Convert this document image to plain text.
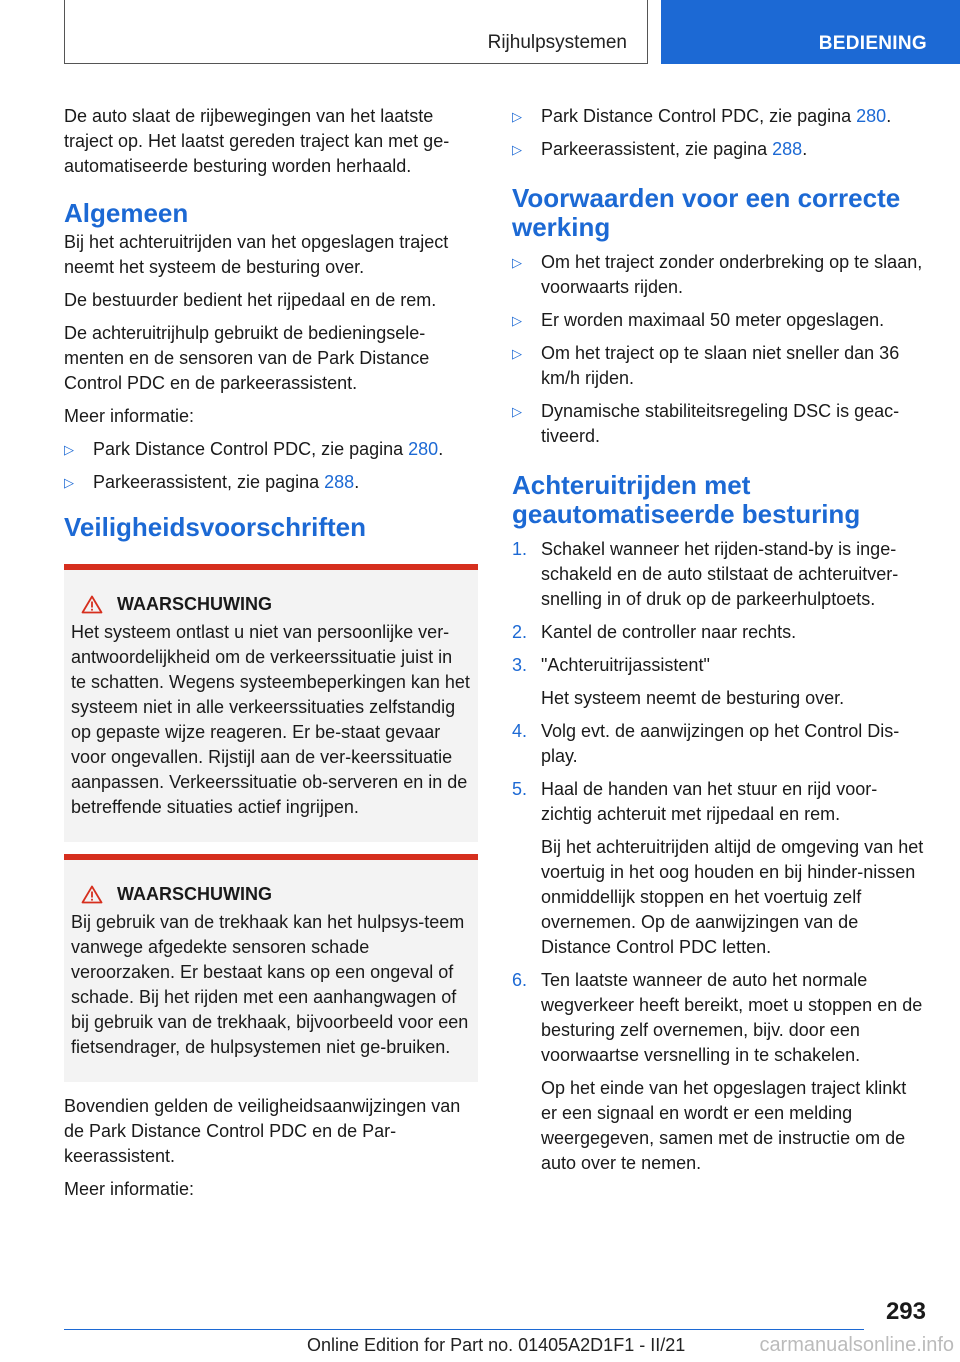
Rijhulpsystemen	BEDIENING

De auto slaat de rijbewegingen van het laatste traject op. Het laatst gereden traject kan met ge-automatiseerde besturing worden herhaald.

Algemeen

Bij het achteruitrijden van het opgeslagen traject neemt het systeem de besturing over.

De bestuurder bedient het rijpedaal en de rem.

De achteruitrijhulp gebruikt de bedieningsele-menten en de sensoren van de Park Distance Control PDC en de parkeerassistent.

Meer informatie:

▷ Park Distance Control PDC, zie pagina 280.
▷ Parkeerassistent, zie pagina 288.
Veiligheidsvoorschriften
WAARSCHUWING

Het systeem ontlast u niet van persoonlijke ver-antwoordelijkheid om de verkeerssituatie juist in te schatten. Wegens systeembeperkingen kan het systeem niet in alle verkeerssituaties zelfstandig op gepaste wijze reageren. Er be-staat gevaar voor ongevallen. Rijstijl aan de ver-keerssituatie aanpassen. Verkeerssituatie ob-serveren en in de betreffende situaties actief ingrijpen.

WAARSCHUWING

Bij gebruik van de trekhaak kan het hulpsys-teem vanwege afgedekte sensoren schade veroorzaken. Er bestaat kans op een ongeval of schade. Bij het rijden met een aanhangwagen of bij gebruik van de trekhaak, bijvoorbeeld voor een fietsendrager, de hulpsystemen niet ge-bruiken.

Bovendien gelden de veiligheidsaanwijzingen van de Park Distance Control PDC en de Par-keerassistent.

Meer informatie:

▷ Park Distance Control PDC, zie pagina 280.
▷ Parkeerassistent, zie pagina 288.
Voorwaarden voor een correcte werking
▷ Om het traject zonder onderbreking op te slaan, voorwaarts rijden.
▷ Er worden maximaal 50 meter opgeslagen.
▷ Om het traject op te slaan niet sneller dan 36 km/h rijden.
▷ Dynamische stabiliteitsregeling DSC is geac-tiveerd.
Achteruitrijden met geautomatiseerde besturing
1. Schakel wanneer het rijden-stand-by is inge-schakeld en de auto stilstaat de achteruitver-snelling in of druk op de parkeerhulptoets.

2. Kantel de controller naar rechts.

3. "Achteruitrijassistent"

Het systeem neemt de besturing over.

4. Volg evt. de aanwijzingen op het Control Dis-play.

5. Haal de handen van het stuur en rijd voor-zichtig achteruit met rijpedaal en rem.

Bij het achteruitrijden altijd de omgeving van het voertuig in het oog houden en bij hinder-nissen onmiddellijk stoppen en het voertuig zelf overnemen. Op de aanwijzingen van de Distance Control PDC letten.

6. Ten laatste wanneer de auto het normale wegverkeer heeft bereikt, moet u stoppen en de besturing zelf overnemen, bijv. door een voorwaartse versnelling in te schakelen.

Op het einde van het opgeslagen traject klinkt er een signaal en wordt er een melding weergegeven, samen met de instructie om de auto over te nemen.

293
Online Edition for Part no. 01405A2D1F1 - II/21	carmanualsonline.info
